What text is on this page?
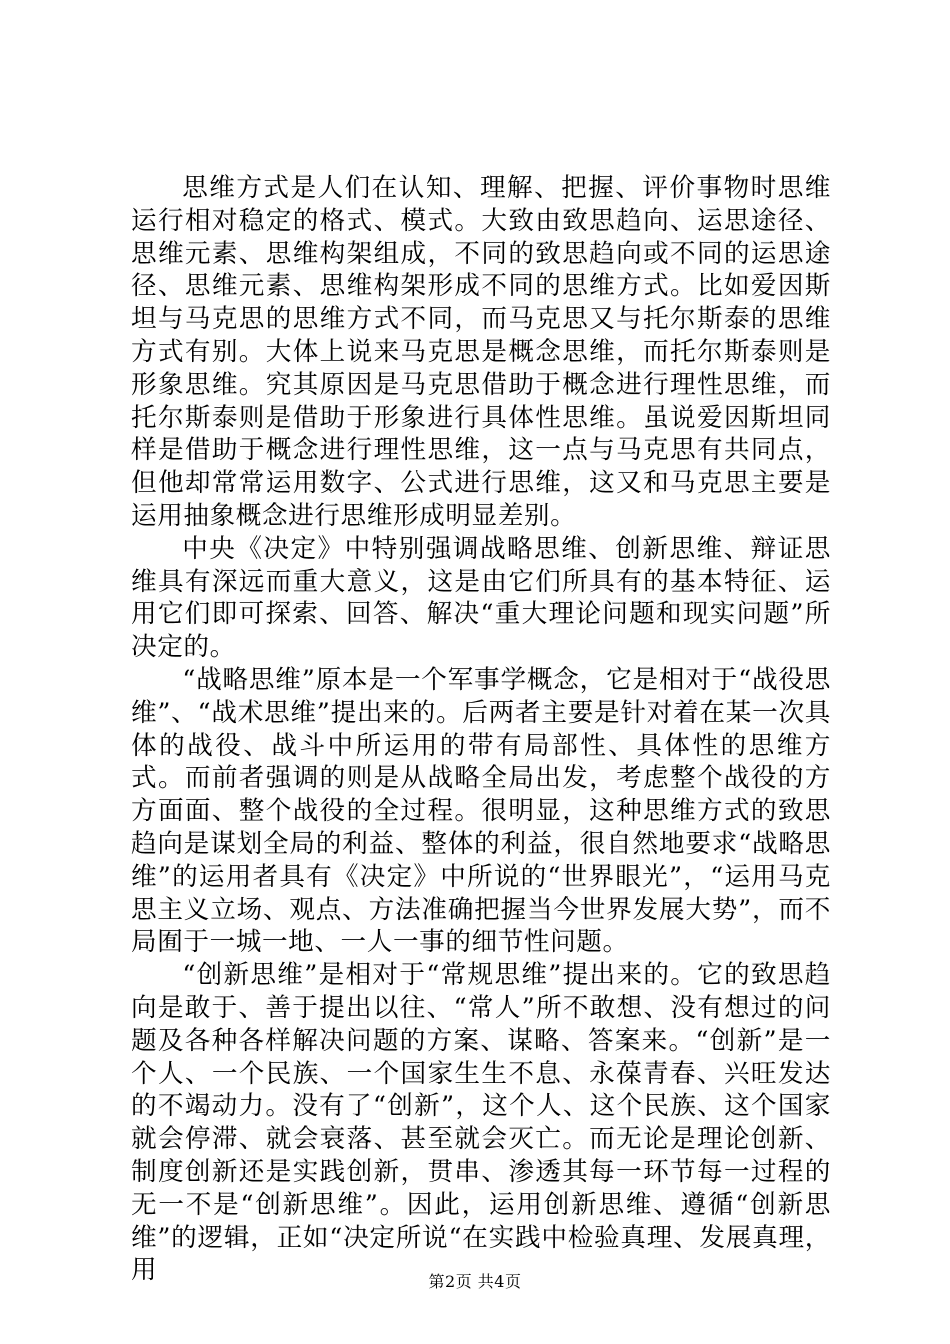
思维方式是人们在认知、理解、把握、评价事物时思维运行相对稳定的格式、模式。大致由致思趋向、运思途径、思维元素、思维构架组成，不同的致思趋向或不同的运思途径、思维元素、思维构架形成不同的思维方式。比如爱因斯坦与马克思的思维方式不同，而马克思又与托尔斯泰的思维方式有别。大体上说来马克思是概念思维，而托尔斯泰则是形象思维。究其原因是马克思借助于概念进行理性思维，而托尔斯泰则是借助于形象进行具体性思维。虽说爱因斯坦同样是借助于概念进行理性思维，这一点与马克思有共同点，但他却常常运用数字、公式进行思维，这又和马克思主要是运用抽象概念进行思维形成明显差别。

中央《决定》中特别强调战略思维、创新思维、辩证思维具有深远而重大意义，这是由它们所具有的基本特征、运用它们即可探索、回答、解决“重大理论问题和现实问题”所决定的。

“战略思维”原本是一个军事学概念，它是相对于“战役思维”、“战术思维”提出来的。后两者主要是针对着在某一次具体的战役、战斗中所运用的带有局部性、具体性的思维方式。而前者强调的则是从战略全局出发，考虑整个战役的方方面面、整个战役的全过程。很明显，这种思维方式的致思趋向是谋划全局的利益、整体的利益，很自然地要求“战略思维”的运用者具有《决定》中所说的“世界眼光”，“运用马克思主义立场、观点、方法准确把握当今世界发展大势”，而不局囿于一城一地、一人一事的细节性问题。

“创新思维”是相对于“常规思维”提出来的。它的致思趋向是敢于、善于提出以往、“常人”所不敢想、没有想过的问题及各种各样解决问题的方案、谋略、答案来。“创新”是一个人、一个民族、一个国家生生不息、永葆青春、兴旺发达的不竭动力。没有了“创新”，这个人、这个民族、这个国家就会停滞、就会衰落、甚至就会灭亡。而无论是理论创新、制度创新还是实践创新，贯串、渗透其每一环节每一过程的无一不是“创新思维”。因此，运用创新思维、遵循“创新思维”的逻辑，正如“决定所说“在实践中检验真理、发展真理，用	第2页 共4页
